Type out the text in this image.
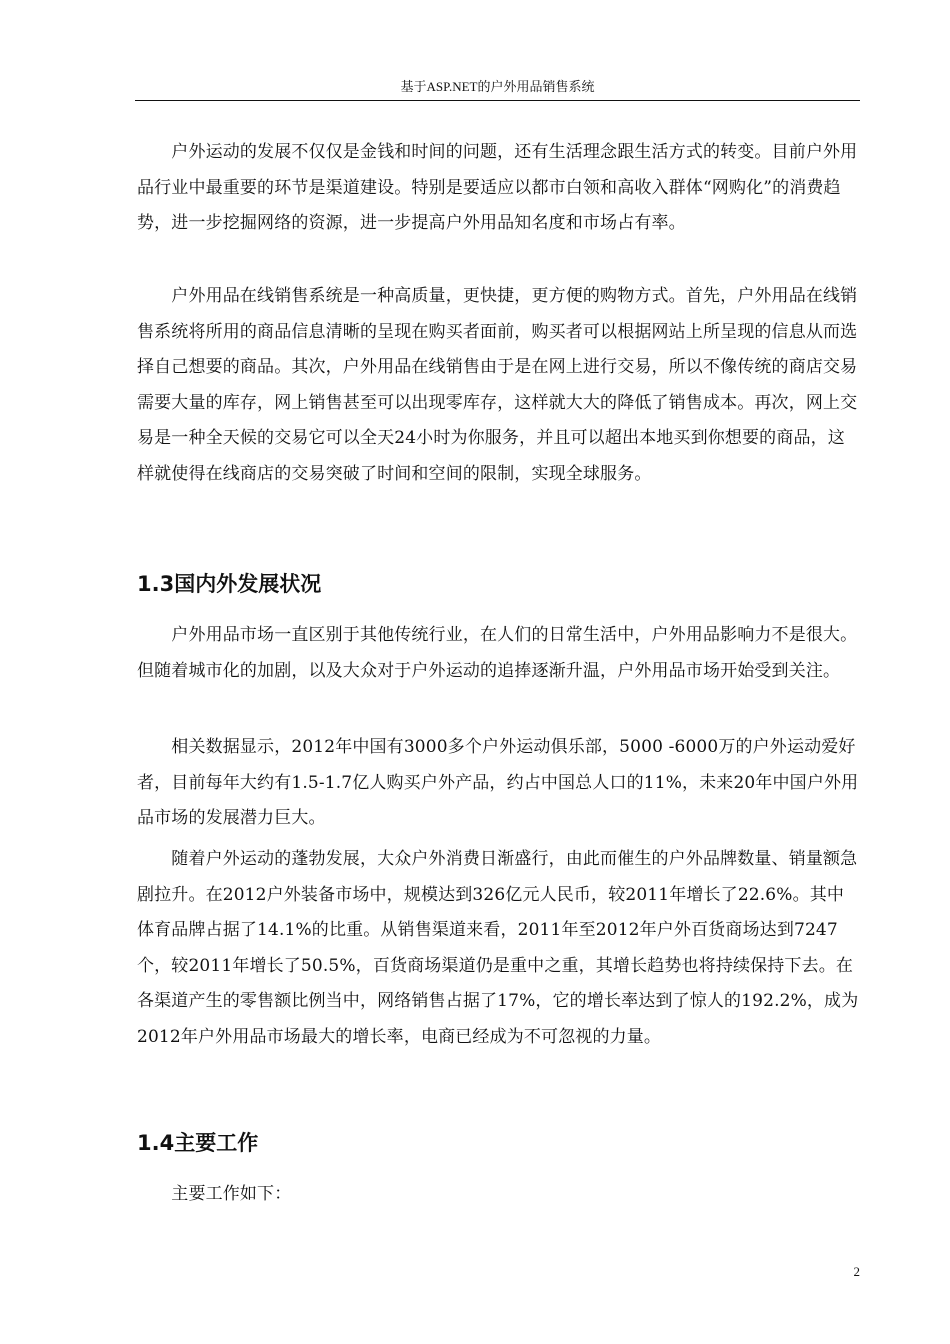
基于ASP.NET的户外用品销售系统

　　户外运动的发展不仅仅是金钱和时间的问题，还有生活理念跟生活方式的转变。目前户外用品行业中最重要的环节是渠道建设。特别是要适应以都市白领和高收入群体“网购化”的消费趋势，进一步挖掘网络的资源，进一步提高户外用品知名度和市场占有率。

　　户外用品在线销售系统是一种高质量，更快捷，更方便的购物方式。首先，户外用品在线销售系统将所用的商品信息清晰的呈现在购买者面前，购买者可以根据网站上所呈现的信息从而选择自己想要的商品。其次，户外用品在线销售由于是在网上进行交易，所以不像传统的商店交易需要大量的库存，网上销售甚至可以出现零库存，这样就大大的降低了销售成本。再次，网上交易是一种全天候的交易它可以全天24小时为你服务，并且可以超出本地买到你想要的商品，这样就使得在线商店的交易突破了时间和空间的限制，实现全球服务。

1.3国内外发展状况

　　户外用品市场一直区别于其他传统行业，在人们的日常生活中，户外用品影响力不是很大。但随着城市化的加剧，以及大众对于户外运动的追捧逐渐升温，户外用品市场开始受到关注。

　　相关数据显示，2012年中国有3000多个户外运动俱乐部，5000 -6000万的户外运动爱好者，目前每年大约有1.5-1.7亿人购买户外产品，约占中国总人口的11%，未来20年中国户外用品市场的发展潜力巨大。

　　随着户外运动的蓬勃发展，大众户外消费日渐盛行，由此而催生的户外品牌数量、销量额急剧拉升。在2012户外装备市场中，规模达到326亿元人民币，较2011年增长了22.6%。其中体育品牌占据了14.1%的比重。从销售渠道来看，2011年至2012年户外百货商场达到7247个，较2011年增长了50.5%，百货商场渠道仍是重中之重，其增长趋势也将持续保持下去。在各渠道产生的零售额比例当中，网络销售占据了17%，它的增长率达到了惊人的192.2%，成为2012年户外用品市场最大的增长率，电商已经成为不可忽视的力量。

1.4主要工作

　　主要工作如下：

2
